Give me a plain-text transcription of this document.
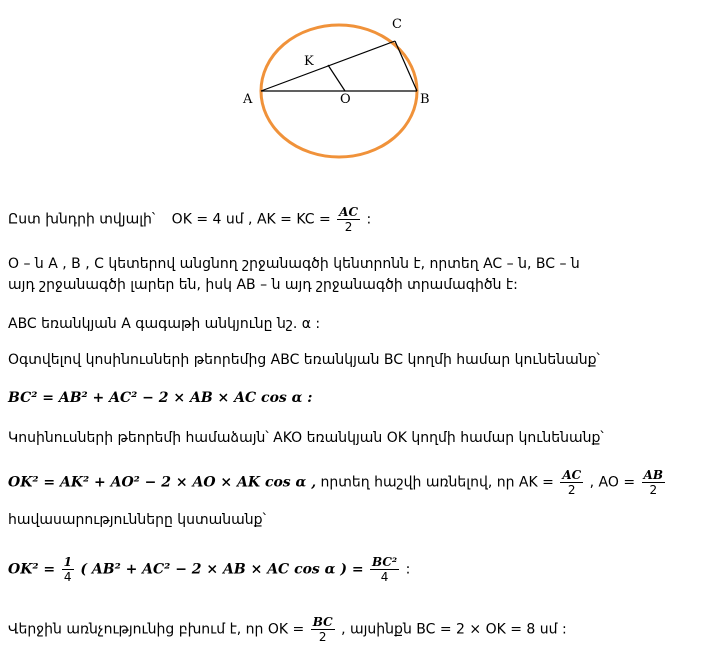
A	B
C
K
O
Ըստ խնդրի տվյալի՝ OK = 4 սմ , AK = KC = $\frac{AC}{2}$ :
O – ն A , B , C կետերով անցնող շրջանագծի կենտրոնն է, որտեղ AC – ն, BC – ն
այդ շրջանագծի լարեր են, իսկ AB – ն այդ շրջանագծի տրամագիծն է:
ABC եռանկյան A գագաթի անկյունը նշ. α :
Օգտվելով կոսինուսների թեորեմից ABC եռանկյան BC կողմի համար կունենանք՝
BC² = AB² + AC² − 2 × AB × AC cos α :
Կոսինուսների թեորեմի համաձայն՝ AKO եռանկյան OK կողմի համար կունենանք՝
OK² = AK² + AO² − 2 × AO × AK cos α , որտեղ հաշվի առնելով, որ AK = $\frac{AC}{2}$ , AO = $\frac{AB}{2}$
հավասարությունները կստանանք՝
$OK^2 = \frac{1}{4}$ ( AB² + AC² − 2 × AB × AC cos α ) = $\frac{\text{BC²}}{4}$ :
Վերջին առնչությունից բխում է, որ OK = $\frac{BC}{2}$ , այսինքն BC = 2 × OK = 8 սմ :
